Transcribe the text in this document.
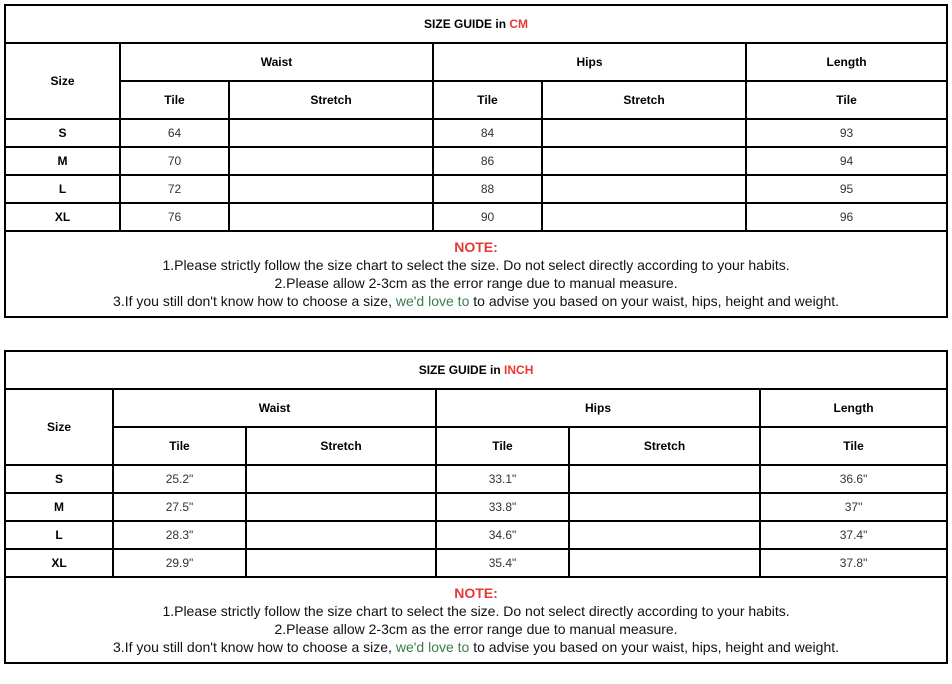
SIZE GUIDE in CM					
Size	Waist		Hips		Length
	Tile	Stretch	Tile	Stretch	Tile
S	64		84		93
M	70		86		94
L	72		88		95
XL	76		90		96

NOTE:
1.Please strictly follow the size chart to select the size. Do not select directly according to your habits.
2.Please allow 2-3cm as the error range due to manual measure.
3.If you still don't know how to choose a size, we'd love to to advise you based on your waist, hips, height and weight.					
SIZE GUIDE in INCH					
Size	Waist		Hips		Length
	Tile	Stretch	Tile	Stretch	Tile
S	25.2"		33.1"		36.6"
M	27.5"		33.8"		37"
L	28.3"		34.6"		37.4"
XL	29.9"		35.4"		37.8"

NOTE:
1.Please strictly follow the size chart to select the size. Do not select directly according to your habits.
2.Please allow 2-3cm as the error range due to manual measure.
3.If you still don't know how to choose a size, we'd love to to advise you based on your waist, hips, height and weight.					
